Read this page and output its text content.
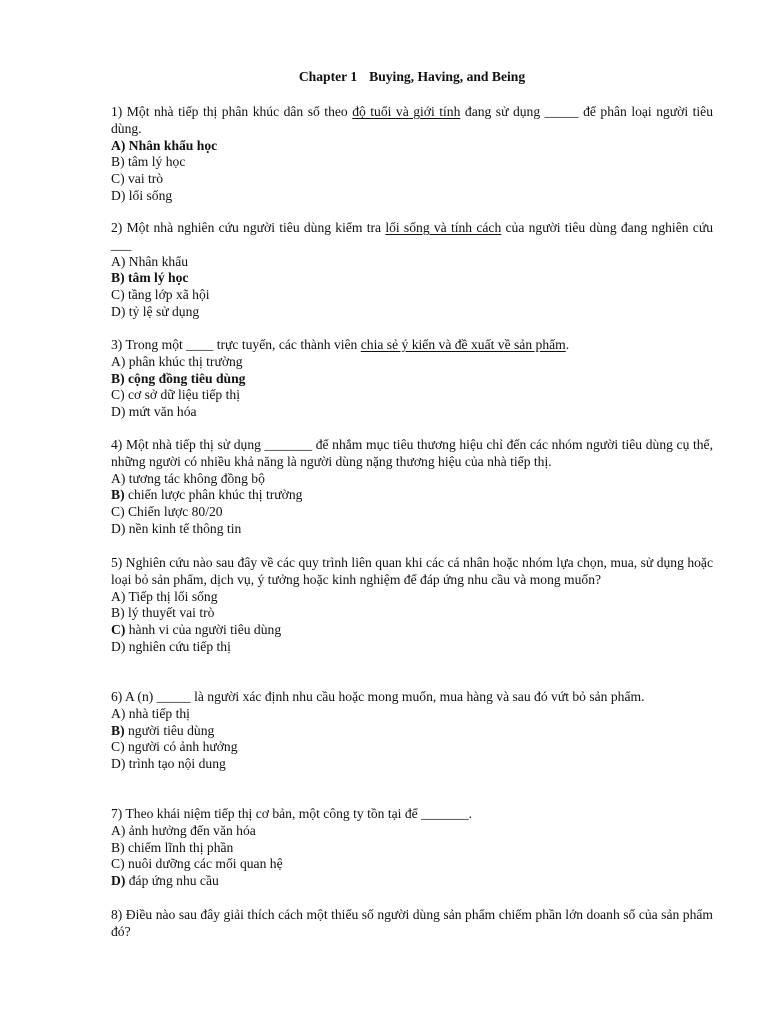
Chapter 1 Buying, Having, and Being
1) Một nhà tiếp thị phân khúc dân số theo độ tuổi và giới tính đang sử dụng _____ để phân loại người tiêu dùng.
A) Nhân khẩu học
B) tâm lý học
C) vai trò
D) lối sống
2) Một nhà nghiên cứu người tiêu dùng kiểm tra lối sống và tính cách của người tiêu dùng đang nghiên cứu ___
A) Nhân khẩu
B) tâm lý học
C) tầng lớp xã hội
D) tỷ lệ sử dụng
3) Trong một ____ trực tuyến, các thành viên chia sẻ ý kiến và đề xuất về sản phẩm.
A) phân khúc thị trường
B) cộng đồng tiêu dùng
C) cơ sở dữ liệu tiếp thị
D) mứt văn hóa
4) Một nhà tiếp thị sử dụng _______ để nhắm mục tiêu thương hiệu chỉ đến các nhóm người tiêu dùng cụ thể, những người có nhiều khả năng là người dùng nặng thương hiệu của nhà tiếp thị.
A) tương tác không đồng bộ
B) chiến lược phân khúc thị trường
C) Chiến lược 80/20
D) nền kinh tế thông tin
5) Nghiên cứu nào sau đây về các quy trình liên quan khi các cá nhân hoặc nhóm lựa chọn, mua, sử dụng hoặc loại bỏ sản phẩm, dịch vụ, ý tưởng hoặc kinh nghiệm để đáp ứng nhu cầu và mong muốn?
A) Tiếp thị lối sống
B) lý thuyết vai trò
C) hành vi của người tiêu dùng
D) nghiên cứu tiếp thị
6) A (n) _____ là người xác định nhu cầu hoặc mong muốn, mua hàng và sau đó vứt bỏ sản phẩm.
A) nhà tiếp thị
B) người tiêu dùng
C) người có ảnh hưởng
D) trình tạo nội dung
7) Theo khái niệm tiếp thị cơ bản, một công ty tồn tại để _______.
A) ảnh hưởng đến văn hóa
B) chiếm lĩnh thị phần
C) nuôi dưỡng các mối quan hệ
D) đáp ứng nhu cầu
8) Điều nào sau đây giải thích cách một thiểu số người dùng sản phẩm chiếm phần lớn doanh số của sản phẩm đó?
